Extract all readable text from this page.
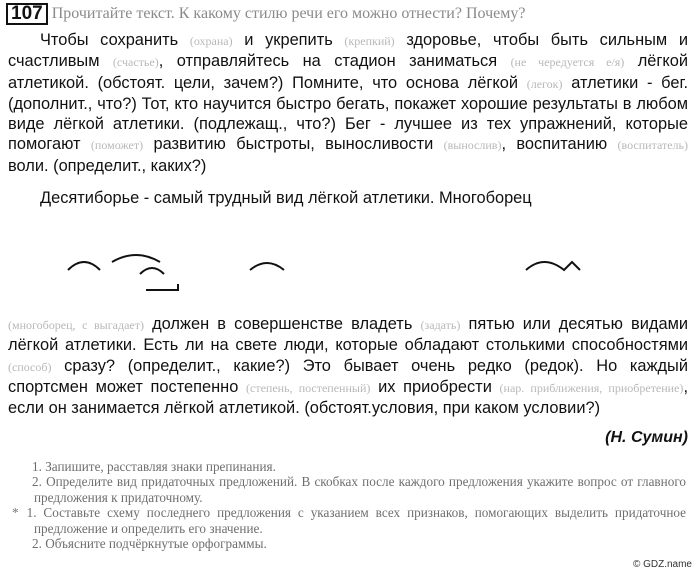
107 Прочитайте текст. К какому стилю речи его можно отнести? Почему?

Чтобы сохранить (охрана) и укрепить (крепкий) здоровье, чтобы быть сильным и счастливым (счастье), отправляйтесь на стадион заниматься (не чередуется е/я) лёгкой атлетикой. (обстоят. цели, зачем?) Помните, что основа лёгкой (легок) атлетики - бег. (дополнит., что?) Тот, кто научится быстро бегать, покажет хорошие результаты в любом виде лёгкой атлетики. (подлежащ., что?) Бег - лучшее из тех упражнений, которые помогают (поможет) развитию быстроты, выносливости (вынослив), воспитанию (воспитатель) воли. (определит., каких?)

Десятиборье - самый трудный вид лёгкой атлетики. Многоборец

(многоборец, с выгадает) должен в совершенстве владеть (задать) пятью или десятью видами лёгкой атлетики. Есть ли на свете люди, которые обладают столькими способностями (способ) сразу? (определит., какие?) Это бывает очень редко (редок). Но каждый спортсмен может постепенно (степень, постепенный) их приобрести (нар. приближения, приобретение), если он занимается лёгкой атлетикой. (обстоят.условия, при каком условии?)

(Н. Сумин)
1. Запишите, расставляя знаки препинания.
2. Определите вид придаточных предложений. В скобках после каждого предложения укажите вопрос от главного предложения к придаточному.
* 1. Составьте схему последнего предложения с указанием всех признаков, помогающих выделить придаточное предложение и определить его значение.
2. Объясните подчёркнутые орфограммы.
© GDZ.name
